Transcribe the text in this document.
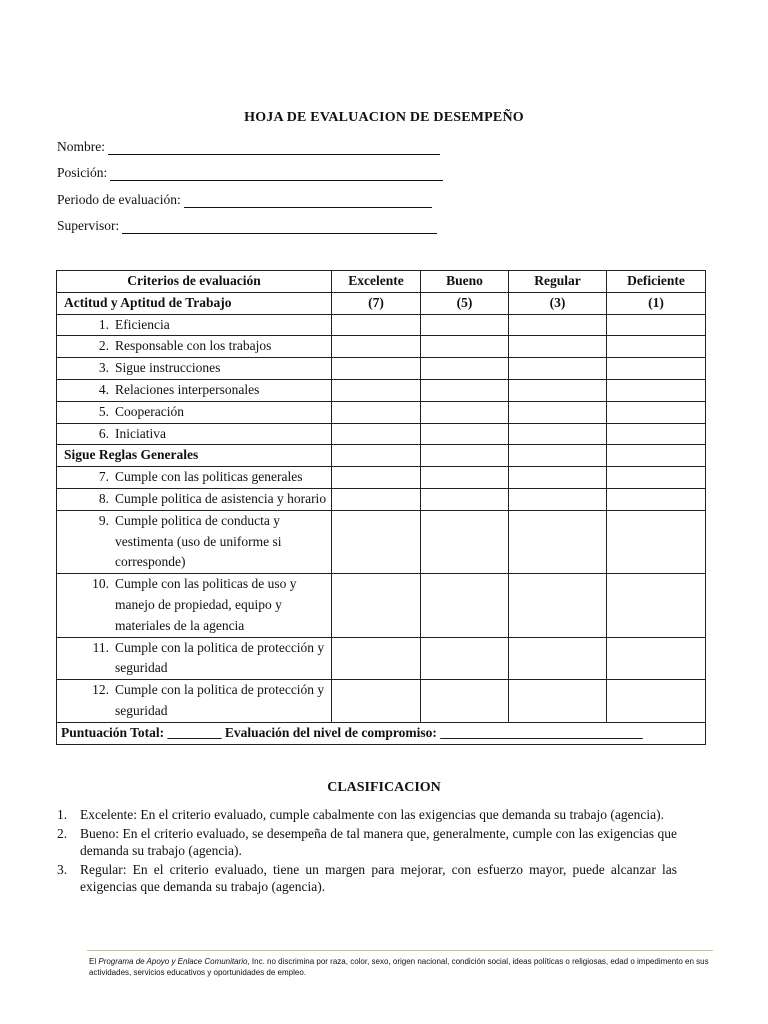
HOJA DE EVALUACION DE DESEMPEÑO
Nombre:
Posición:
Periodo de evaluación:
Supervisor:
Criterios de evaluación	Excelente	Bueno	Regular	Deficiente
Actitud y Aptitud de Trabajo	(7)	(5)	(3)	(1)

1. Eficiencia				

2. Responsable con los trabajos				

3. Sigue instrucciones				

4. Relaciones interpersonales				

5. Cooperación				

6. Iniciativa				

Sigue Reglas Generales				

7. Cumple con las politicas generales				

8. Cumple politica de asistencia y horario				

9. Cumple politica de conducta y vestimenta (uso de uniforme si corresponde)				

10. Cumple con las politicas de uso y manejo de propiedad, equipo y materiales de la agencia				

11. Cumple con la politica de protección y seguridad				

12. Cumple con la politica de protección y seguridad				

Puntuación Total: ________ Evaluación del nivel de compromiso: ______________________________				
CLASIFICACION
1. Excelente: En el criterio evaluado, cumple cabalmente con las exigencias que demanda su trabajo (agencia).
2. Bueno: En el criterio evaluado, se desempeña de tal manera que, generalmente, cumple con las exigencias que demanda su trabajo (agencia).
3. Regular: En el criterio evaluado, tiene un margen para mejorar, con esfuerzo mayor, puede alcanzar las exigencias que demanda su trabajo (agencia).
El Programa de Apoyo y Enlace Comunitario, Inc. no discrimina por raza, color, sexo, origen nacional, condición social, ideas políticas o religiosas, edad o impedimento en sus actividades, servicios educativos y oportunidades de empleo.
